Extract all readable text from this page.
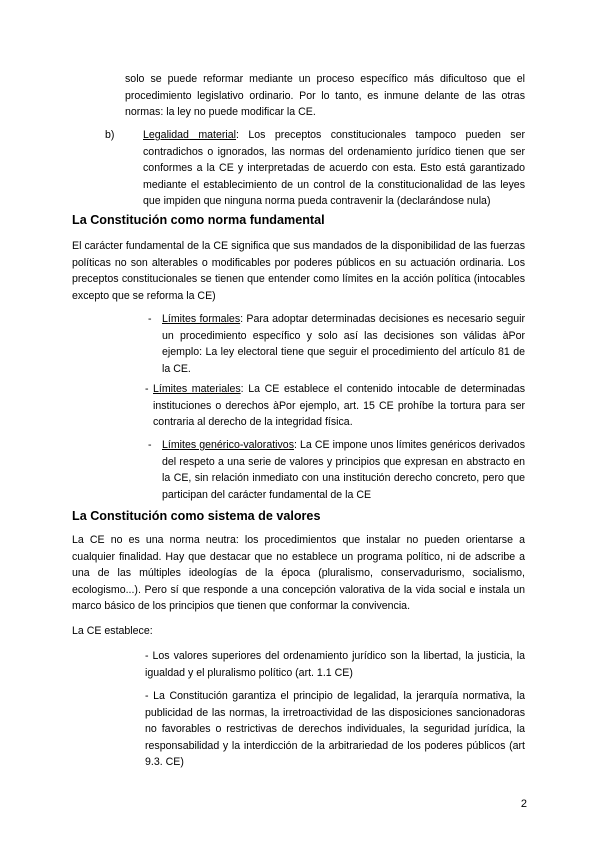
solo se puede reformar mediante un proceso específico más dificultoso que el procedimiento legislativo ordinario. Por lo tanto, es inmune delante de las otras normas: la ley no puede modificar la CE.
b)	Legalidad material: Los preceptos constitucionales tampoco pueden ser contradichos o ignorados, las normas del ordenamiento jurídico tienen que ser conformes a la CE y interpretadas de acuerdo con esta. Esto está garantizado mediante el establecimiento de un control de la constitucionalidad de las leyes que impiden que ninguna norma pueda contravenir la (declarándose nula)
La Constitución como norma fundamental
El carácter fundamental de la CE significa que sus mandados de la disponibilidad de las fuerzas políticas no son alterables o modificables por poderes públicos en su actuación ordinaria. Los preceptos constitucionales se tienen que entender como límites en la acción política (intocables excepto que se reforma la CE)
- Límites formales: Para adoptar determinadas decisiones es necesario seguir un procedimiento específico y solo así las decisiones son válidas àPor ejemplo: La ley electoral tiene que seguir el procedimiento del artículo 81 de la CE.
- Límites materiales: La CE establece el contenido intocable de determinadas instituciones o derechos àPor ejemplo, art. 15 CE prohíbe la tortura para ser contraria al derecho de la integridad física.
- Límites genérico-valorativos: La CE impone unos límites genéricos derivados del respeto a una serie de valores y principios que expresan en abstracto en la CE, sin relación inmediato con una institución derecho concreto, pero que participan del carácter fundamental de la CE
La Constitución como sistema de valores
La CE no es una norma neutra: los procedimientos que instalar no pueden orientarse a cualquier finalidad. Hay que destacar que no establece un programa político, ni de adscribe a una de las múltiples ideologías de la época (pluralismo, conservadurismo, socialismo, ecologismo...). Pero sí que responde a una concepción valorativa de la vida social e instala un marco básico de los principios que tienen que conformar la convivencia.
La CE establece:
- Los valores superiores del ordenamiento jurídico son la libertad, la justicia, la igualdad y el pluralismo político (art. 1.1 CE)
- La Constitución garantiza el principio de legalidad, la jerarquía normativa, la publicidad de las normas, la irretroactividad de las disposiciones sancionadoras no favorables o restrictivas de derechos individuales, la seguridad jurídica, la responsabilidad y la interdicción de la arbitrariedad de los poderes públicos (art 9.3. CE)
2
